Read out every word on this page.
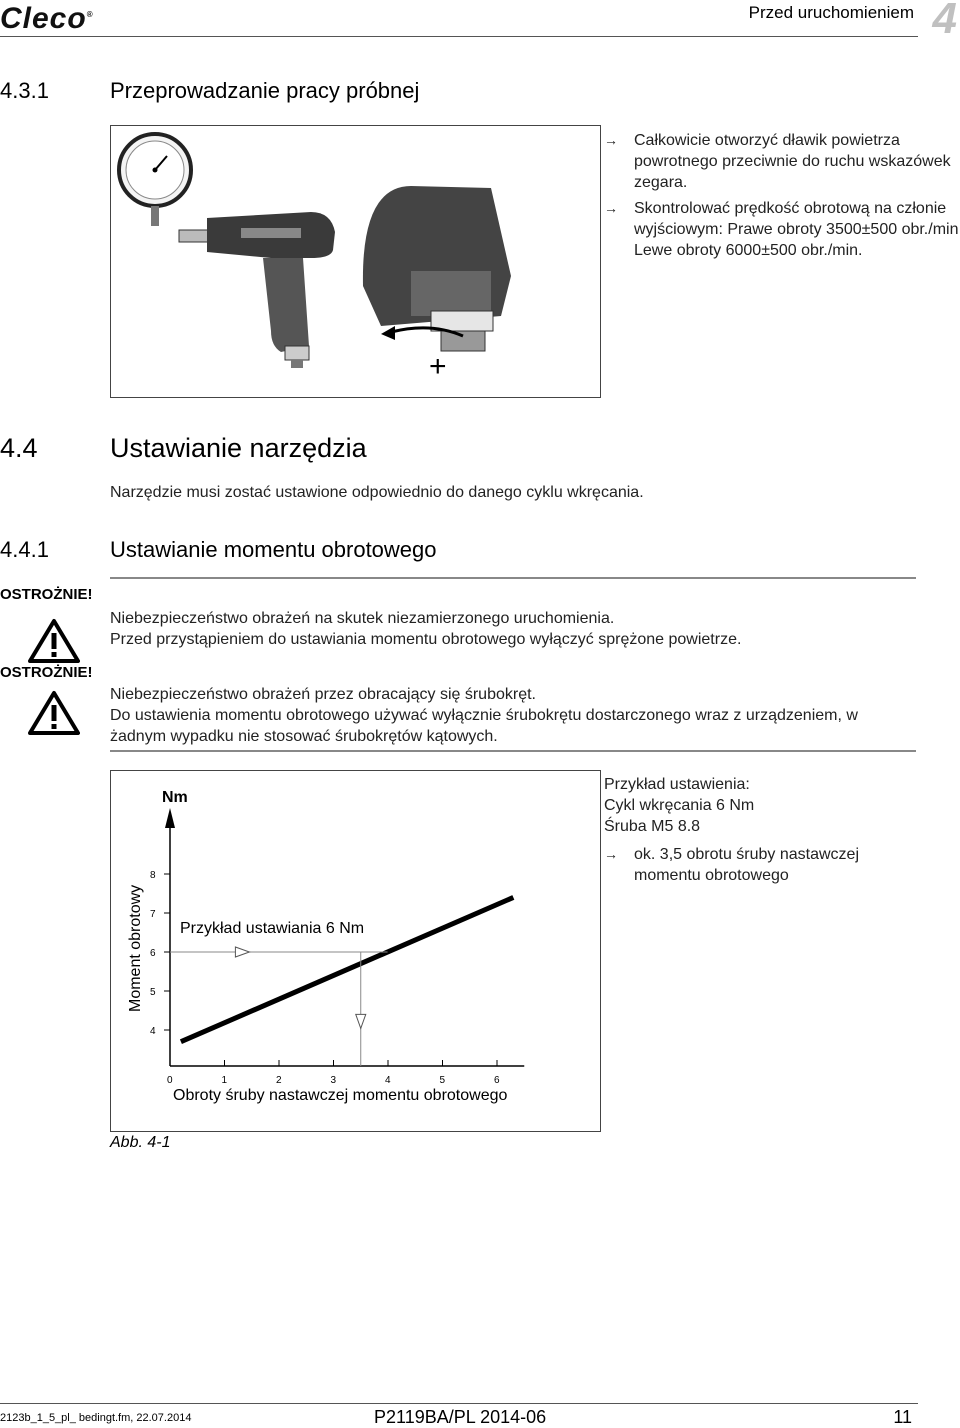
Cleco®	Przed uruchomieniem 4
4.3.1	Przeprowadzanie pracy próbnej
+
→ Całkowicie otworzyć dławik powietrza powrotnego przeciwnie do ruchu wskazówek zegara.
→ Skontrolować prędkość obrotową na członie wyjściowym: Prawe obroty 3500±500 obr./min Lewe obroty 6000±500 obr./min.
4.4	Ustawianie narzędzia
Narzędzie musi zostać ustawione odpowiednio do danego cyklu wkręcania.
4.4.1	Ustawianie momentu obrotowego
OSTROŻNIE!
Niebezpieczeństwo obrażeń na skutek niezamierzonego uruchomienia.
Przed przystąpieniem do ustawiania momentu obrotowego wyłączyć sprężone powietrze.
OSTROŻNIE!
Niebezpieczeństwo obrażeń przez obracający się śrubokręt.
Do ustawienia momentu obrotowego używać wyłącznie śrubokrętu dostarczonego wraz z urządzeniem, w żadnym wypadku nie stosować śrubokrętów kątowych.
Nm
Moment obrotowy
Obroty śruby nastawczej momentu obrotowego
Przykład ustawiania 6 Nm
4
5
6
7
8
0	1	2	3	4	5	6
Przykład ustawienia:
Cykl wkręcania 6 Nm
Śruba M5 8.8
→ ok. 3,5 obrotu śruby nastawczej momentu obrotowego
Abb. 4-1
2123b_1_5_pl_ bedingt.fm, 22.07.2014	P2119BA/PL 2014-06	11
